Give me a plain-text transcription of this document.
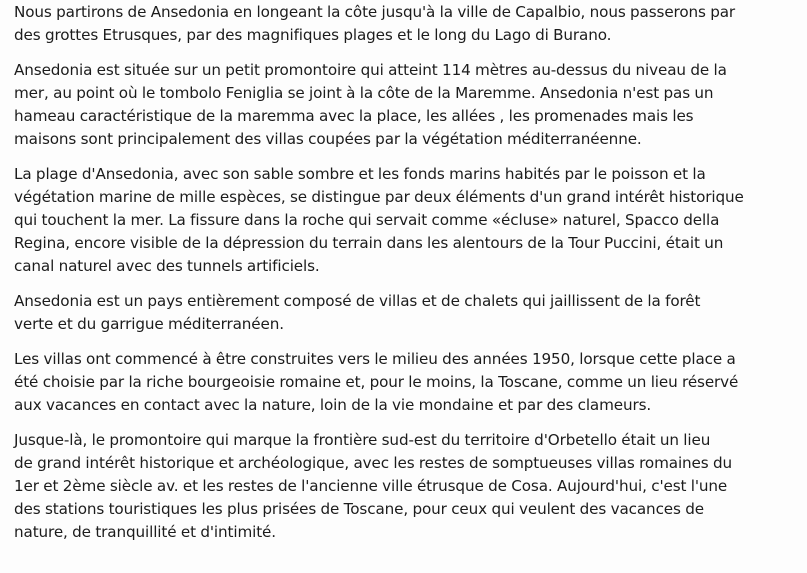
Nous partirons de Ansedonia en longeant la côte jusqu'à la ville de Capalbio, nous passerons par
des grottes Etrusques, par des magnifiques plages et le long du Lago di Burano.

Ansedonia est située sur un petit promontoire qui atteint 114 mètres au-dessus du niveau de la
mer, au point où le tombolo Feniglia se joint à la côte de la Maremme. Ansedonia n'est pas un
hameau caractéristique de la maremma avec la place, les allées , les promenades mais les
maisons sont principalement des villas coupées par la végétation méditerranéenne.

La plage d'Ansedonia, avec son sable sombre et les fonds marins habités par le poisson et la
végétation marine de mille espèces, se distingue par deux éléments d'un grand intérêt historique
qui touchent la mer. La fissure dans la roche qui servait comme «écluse» naturel, Spacco della
Regina, encore visible de la dépression du terrain dans les alentours de la Tour Puccini, était un
canal naturel avec des tunnels artificiels.

Ansedonia est un pays entièrement composé de villas et de chalets qui jaillissent de la forêt
verte et du garrigue méditerranéen.

Les villas ont commencé à être construites vers le milieu des années 1950, lorsque cette place a
été choisie par la riche bourgeoisie romaine et, pour le moins, la Toscane, comme un lieu réservé
aux vacances en contact avec la nature, loin de la vie mondaine et par des clameurs.

Jusque-là, le promontoire qui marque la frontière sud-est du territoire d'Orbetello était un lieu
de grand intérêt historique et archéologique, avec les restes de somptueuses villas romaines du
1er et 2ème siècle av. et les restes de l'ancienne ville étrusque de Cosa. Aujourd'hui, c'est l'une
des stations touristiques les plus prisées de Toscane, pour ceux qui veulent des vacances de
nature, de tranquillité et d'intimité.
